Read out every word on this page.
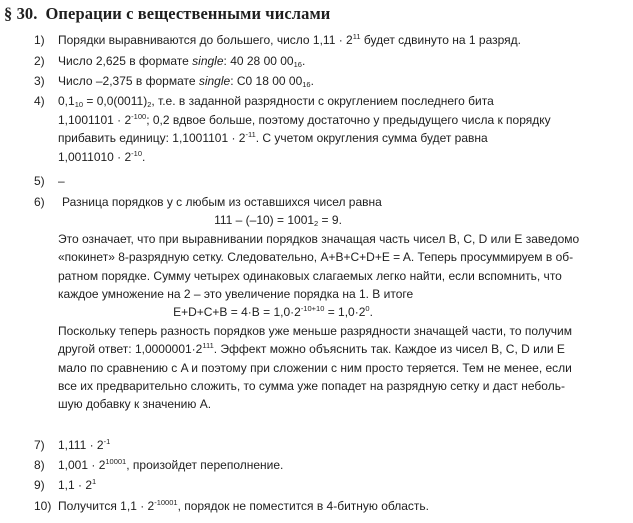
§ 30. Операции с вещественными числами
1)	Порядки выравниваются до большего, число $1,11 \cdot 2^{11}$ будет сдвинуто на 1 разряд.
2)	Число 2,625 в формате single: 40 28 00 $00_{16}$.
3)	Число –2,375 в формате single: C0 18 00 $00_{16}$.
4)	$0,1_{10} = 0,0(0011)_2$, т.е. в заданной разрядности с округлением последнего бита
$1,1001101 \cdot 2^{-100}$; 0,2 вдвое больше, поэтому достаточно у предыдущего числа к порядку
прибавить единицу: $1,1001101 \cdot 2^{-11}$. С учетом округления сумма будет равна
$1,0011010 \cdot 2^{-10}$.
5)	–
6)	Разница порядков у с любым из оставшихся чисел равна
$111 - (-10) = 1001_2 = 9$.
Это означает, что при выравнивании порядков значащая часть чисел B, C, D или E заведомо
«покинет» 8-разрядную сетку. Следовательно, A+B+C+D+E = A. Теперь просуммируем в об-
ратном порядке. Сумму четырех одинаковых слагаемых легко найти, если вспомнить, что
каждое умножение на 2 – это увеличение порядка на 1. В итоге
$E+D+C+B = 4\cdot B = 1,0\cdot 2^{-10+10} = 1,0\cdot 2^0$.
Поскольку теперь разность порядков уже меньше разрядности значащей части, то получим
другой ответ: $1,0000001\cdot 2^{111}$. Эффект можно объяснить так. Каждое из чисел B, C, D или E
мало по сравнению с A и поэтому при сложении с ним просто теряется. Тем не менее, если
все их предварительно сложить, то сумма уже попадет на разрядную сетку и даст неболь-
шую добавку к значению A.
7)	$1,111 \cdot 2^{-1}$
8)	$1,001 \cdot 2^{10001}$, произойдет переполнение.
9)	$1,1 \cdot 2^1$
10) Получится $1,1 \cdot 2^{-10001}$, порядок не поместится в 4-битную область.
